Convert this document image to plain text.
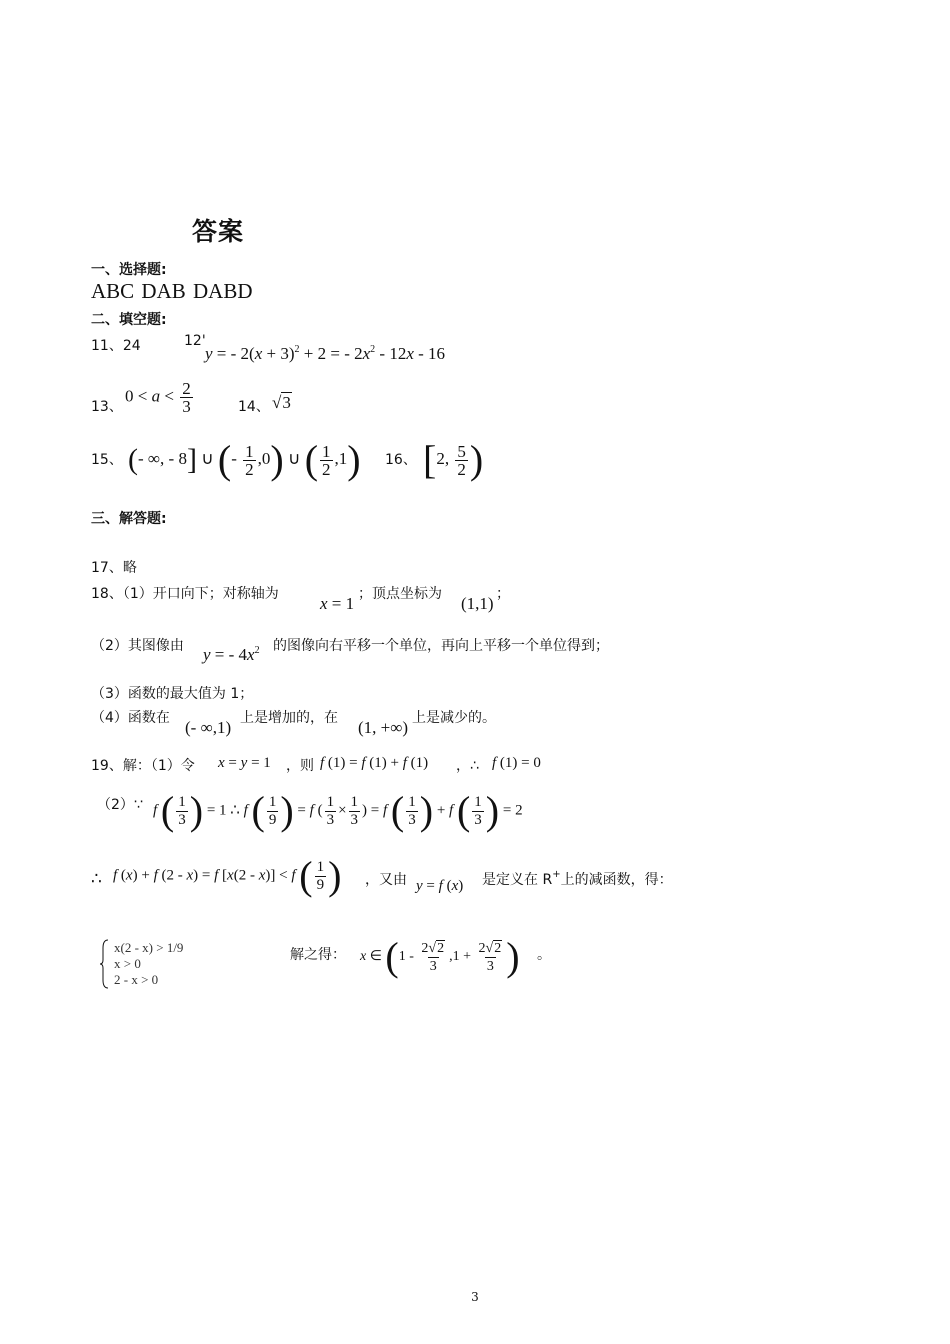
答案
一、选择题:
ABC DAB DABD
二、填空题:
11、24	12'
y = - $2(x + 3)^2 + 2$ = - $2x^2 - 12x - 16$
13、
$0 < a < \frac{2}{3}$	14、 √3
15、 (- ∞, - 8] ∪ (- $\frac{1}{2} ,0$) ∪ ( $\frac{1}{2} ,1$) 16、 [2, $\frac{5}{2}$ )
三、解答题:
17、略
18、（1）开口向下；对称轴为 x = 1 ；顶点坐标为 (1,1) ；
（2）其图像由 y = - $4x^2$ 的图像向右平移一个单位，再向上平移一个单位得到；
（3）函数的最大值为 1；
（4）函数在 (- ∞,1) 上是增加的，在 (1, +∞) 上是减少的。
19、解：（1）令 x = y = 1 ，则 f (1) = f (1) + f (1) ，∴ f (1) = 0
（2）∵ f ( $\frac{1}{3}$ ) = 1 ∴ f ( $\frac{1}{9}$ ) = f ( $\frac{1}{3} \times \frac{1}{3}$ ) = f ( $\frac{1}{3}$ ) + f ( $\frac{1}{3}$ ) = 2
∴ f (x) + f (2 - x) = f [x(2 - x)] < f ( $\frac{1}{9}$ ) ，又由 y = f (x) 是定义在 R+上的减函数，得：
x(2 - x) > 1/9
x > 0
2 - x > 0
解之得： x ∈ ($1 - \frac{2√2}{3} ,1 + \frac{2√2}{3}$ ) 。
3
